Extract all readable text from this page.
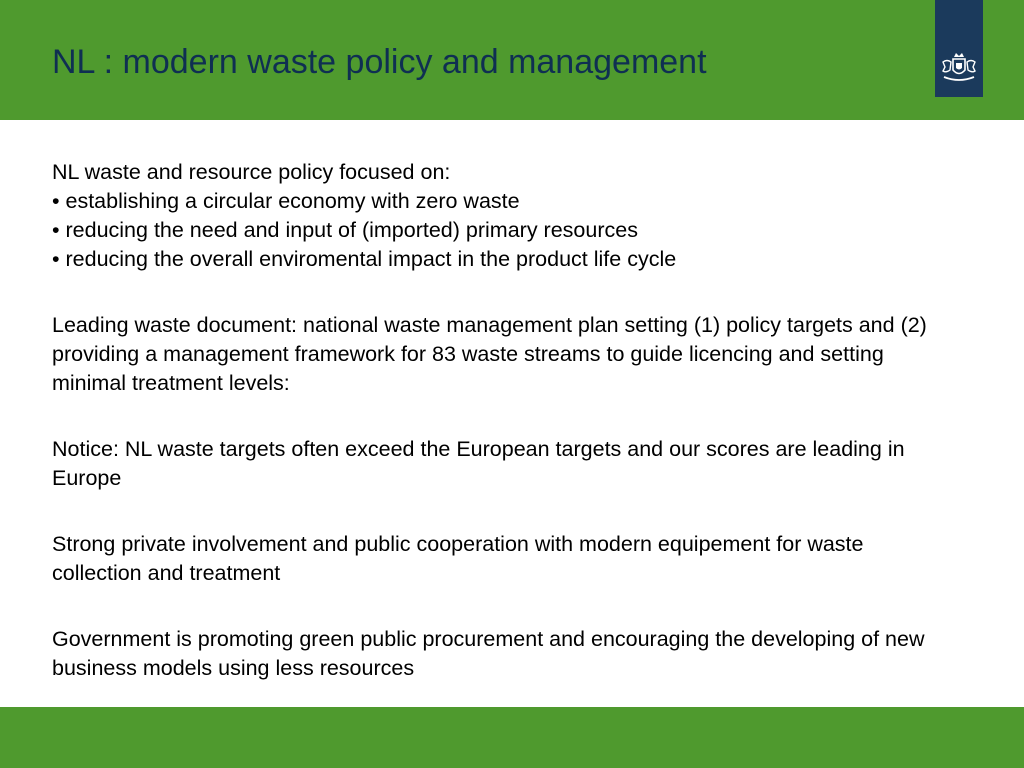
NL : modern waste policy and management

NL waste and resource policy focused on:
• establishing a circular economy with zero waste
• reducing the need and input of (imported) primary resources
• reducing the overall enviromental impact in the product life cycle

Leading waste document: national waste management plan setting (1) policy targets and (2) providing a management framework for 83 waste streams to guide licencing and setting minimal treatment levels:

Notice: NL waste targets often exceed the European targets and our scores are leading in Europe

Strong private involvement and public cooperation with modern equipement for waste collection and treatment

Government is promoting green public procurement and encouraging the developing of new business models using less resources
